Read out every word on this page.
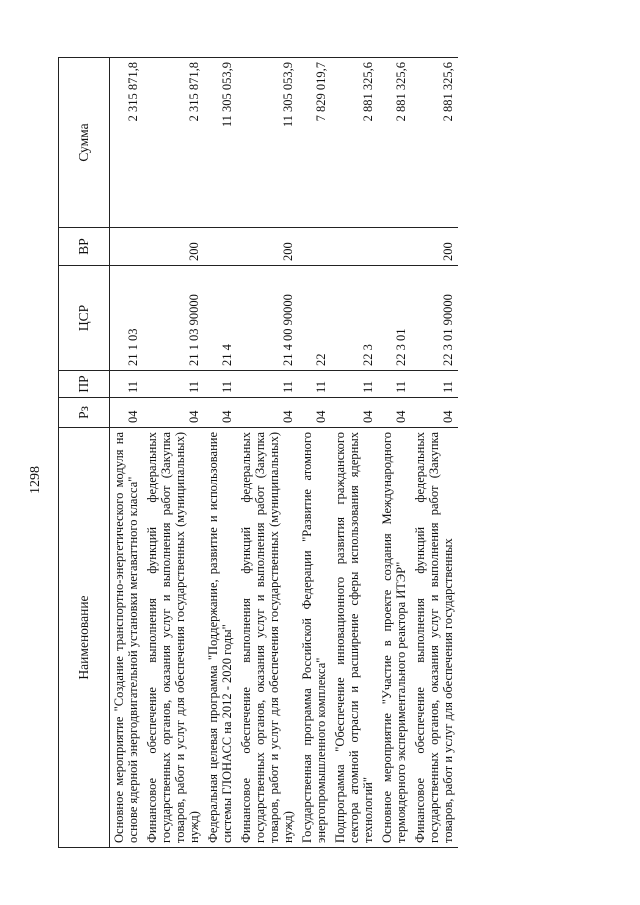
1298
Наименование	Рз	ПР	ЦСР	ВР	Сумма
Основное мероприятие "Создание транспортно-энергетического модуля на основе ядерной энергодвигательной установки мегаваттного класса"	04	11	21 1 03		2 315 871,8
Финансовое обеспечение выполнения функций федеральных государственных органов, оказания услуг и выполнения работ (Закупка товаров, работ и услуг для обеспечения государственных (муниципальных) нужд)	04	11	21 1 03 90000	200	2 315 871,8
Федеральная целевая программа "Поддержание, развитие и использование системы ГЛОНАСС на 2012 - 2020 годы"	04	11	21 4		11 305 053,9
Финансовое обеспечение выполнения функций федеральных государственных органов, оказания услуг и выполнения работ (Закупка товаров, работ и услуг для обеспечения государственных (муниципальных) нужд)	04	11	21 4 00 90000	200	11 305 053,9
Государственная программа Российской Федерации "Развитие атомного энергопромышленного комплекса"	04	11	22		7 829 019,7
Подпрограмма "Обеспечение инновационного развития гражданского сектора атомной отрасли и расширение сферы использования ядерных технологий"	04	11	22 3		2 881 325,6
Основное мероприятие "Участие в проекте создания Международного термоядерного экспериментального реактора ИТЭР"	04	11	22 3 01		2 881 325,6
Финансовое обеспечение выполнения функций федеральных государственных органов, оказания услуг и выполнения работ (Закупка товаров, работ и услуг для обеспечения государственных	04	11	22 3 01 90000	200	2 881 325,6
